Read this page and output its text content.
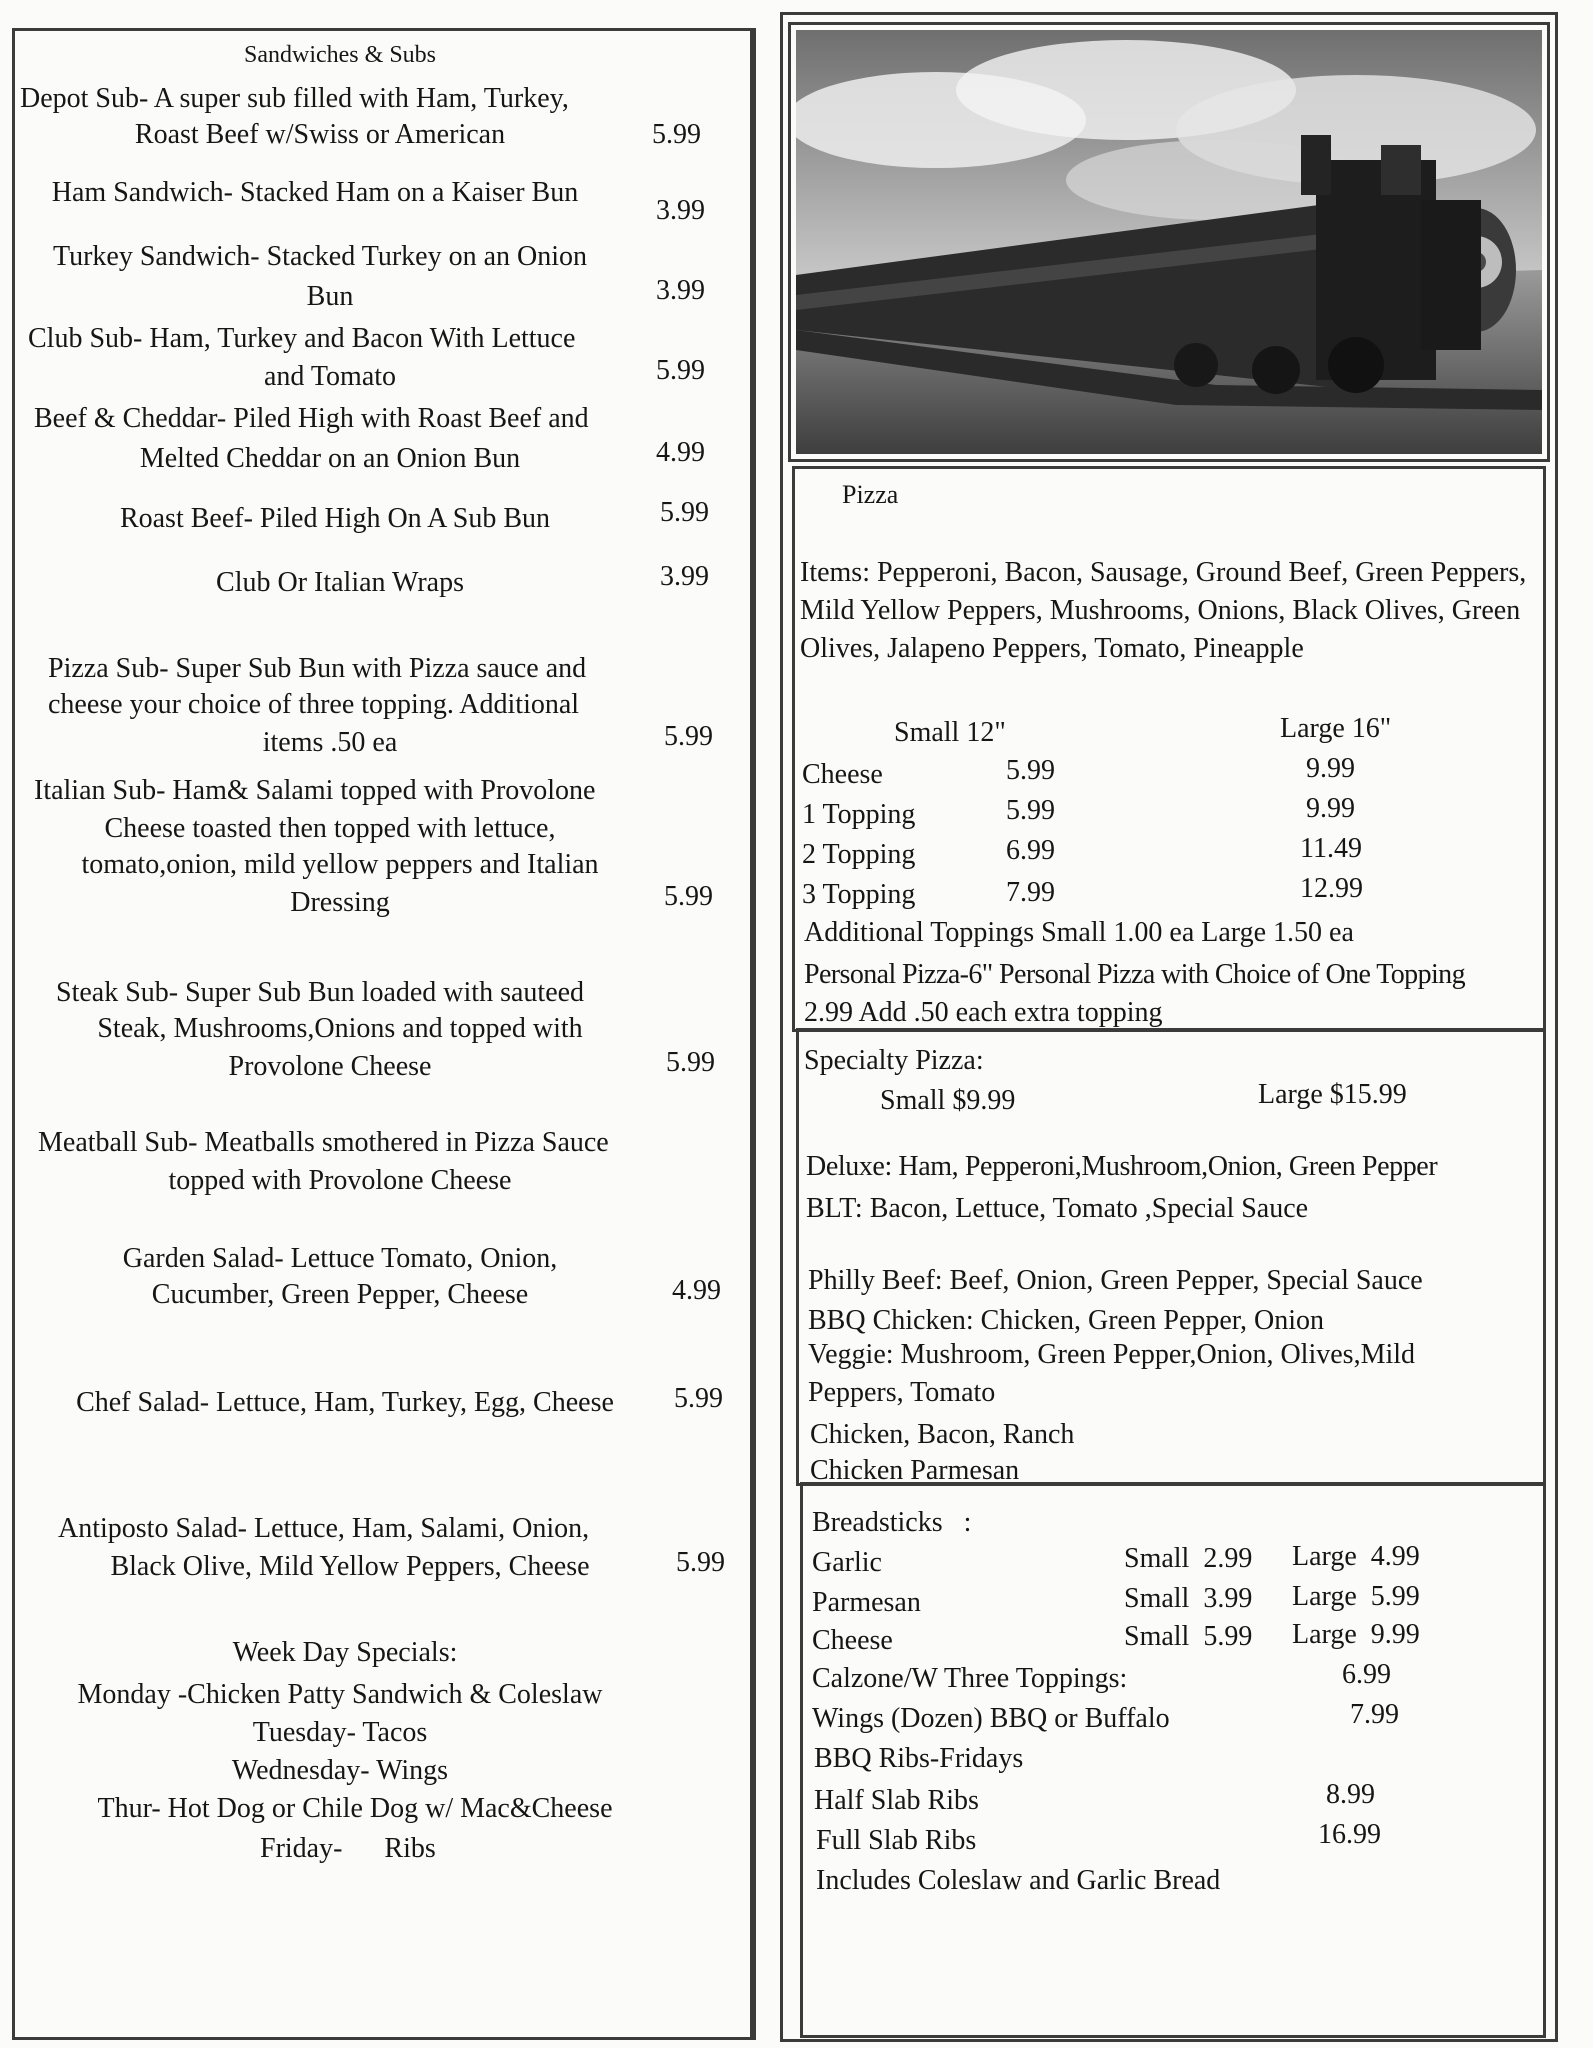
Sandwiches & Subs
Depot Sub- A super sub filled with Ham, Turkey,
Roast Beef w/Swiss or American	5.99
Ham Sandwich- Stacked Ham on a Kaiser Bun
3.99
Turkey Sandwich- Stacked Turkey on an Onion
Bun	3.99
Club Sub- Ham, Turkey and Bacon With Lettuce
and Tomato	5.99
Beef & Cheddar- Piled High with Roast Beef and
Melted Cheddar on an Onion Bun	4.99
Roast Beef- Piled High On A Sub Bun	5.99
Club Or Italian Wraps	3.99
Pizza Sub- Super Sub Bun with Pizza sauce and
cheese your choice of three topping. Additional
items .50 ea	5.99
Italian Sub- Ham& Salami topped with Provolone
Cheese toasted then topped with lettuce,
tomato,onion, mild yellow peppers and Italian
Dressing	5.99
Steak Sub- Super Sub Bun loaded with sauteed
Steak, Mushrooms,Onions and topped with
Provolone Cheese	5.99
Meatball Sub- Meatballs smothered in Pizza Sauce
topped with Provolone Cheese
Garden Salad- Lettuce Tomato, Onion,
Cucumber, Green Pepper, Cheese	4.99
Chef Salad- Lettuce, Ham, Turkey, Egg, Cheese	5.99
Antiposto Salad- Lettuce, Ham, Salami, Onion,
Black Olive, Mild Yellow Peppers, Cheese	5.99
Week Day Specials:
Monday -Chicken Patty Sandwich & Coleslaw
Tuesday- Tacos
Wednesday- Wings
Thur- Hot Dog or Chile Dog w/ Mac&Cheese
Friday-      Ribs
Pizza
Items: Pepperoni, Bacon, Sausage, Ground Beef, Green Peppers, Mild Yellow Peppers, Mushrooms, Onions, Black Olives, Green Olives, Jalapeno Peppers, Tomato, Pineapple
Small 12"	Large 16"
Cheese	5.99	9.99
1 Topping	5.99	9.99
2 Topping	6.99	11.49
3 Topping	7.99	12.99
Additional Toppings Small 1.00 ea Large 1.50 ea
Personal Pizza-6" Personal Pizza with Choice of One Topping
2.99 Add .50 each extra topping
Specialty Pizza:
Small $9.99	Large $15.99
Deluxe: Ham, Pepperoni,Mushroom,Onion, Green Pepper
BLT: Bacon, Lettuce, Tomato ,Special Sauce
Philly Beef: Beef, Onion, Green Pepper, Special Sauce
BBQ Chicken: Chicken, Green Pepper, Onion
Veggie: Mushroom, Green Pepper,Onion, Olives,Mild
Peppers, Tomato
Chicken, Bacon, Ranch
Chicken Parmesan
Breadsticks   :
Garlic	Small  2.99 Large  4.99
Parmesan	Small  3.99 Large  5.99
Cheese	Small  5.99 Large  9.99
Calzone/W Three Toppings:	6.99
Wings (Dozen) BBQ or Buffalo	7.99
BBQ Ribs-Fridays
Half Slab Ribs	8.99
Full Slab Ribs	16.99
Includes Coleslaw and Garlic Bread
